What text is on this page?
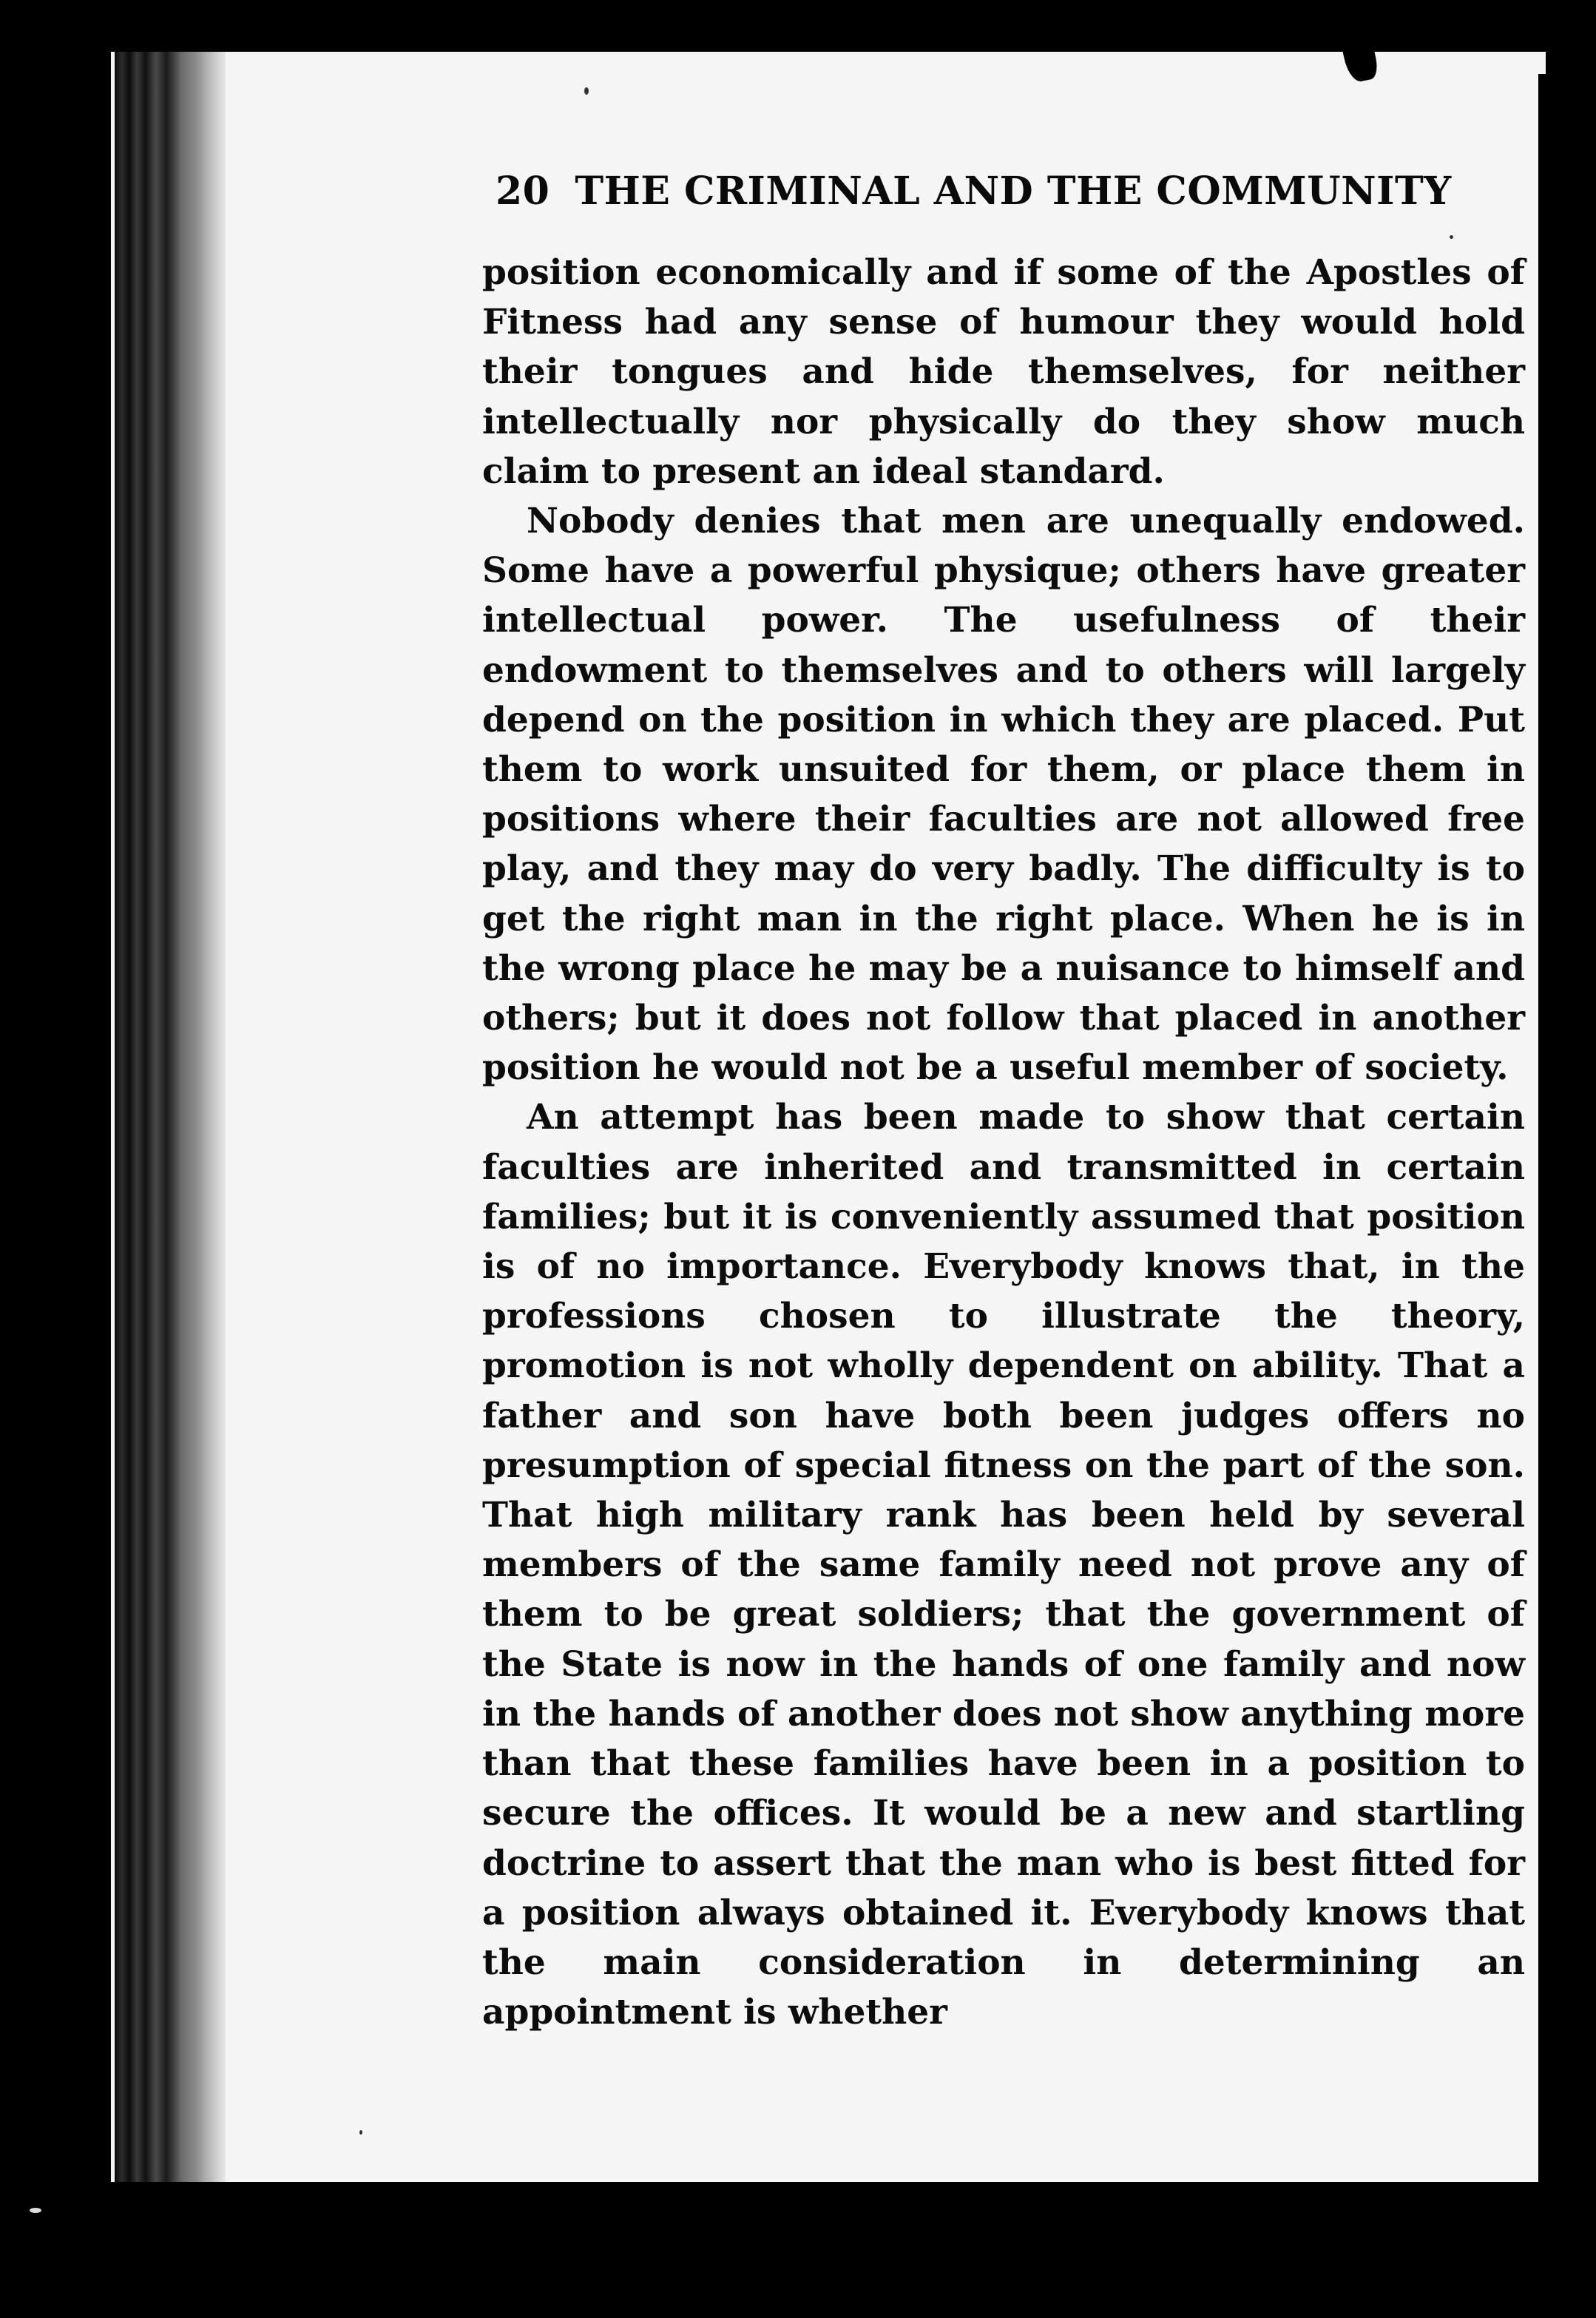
20 THE CRIMINAL AND THE COMMUNITY

position economically and if some of the Apostles of Fitness had any sense of humour they would hold their tongues and hide themselves, for neither intellectually nor physically do they show much claim to present an ideal standard.

Nobody denies that men are unequally endowed. Some have a powerful physique; others have greater intellectual power. The usefulness of their endowment to themselves and to others will largely depend on the position in which they are placed. Put them to work unsuited for them, or place them in positions where their faculties are not allowed free play, and they may do very badly. The difficulty is to get the right man in the right place. When he is in the wrong place he may be a nuisance to himself and others; but it does not follow that placed in another position he would not be a useful member of society.

An attempt has been made to show that certain faculties are inherited and transmitted in certain families; but it is conveniently assumed that position is of no importance. Everybody knows that, in the professions chosen to illustrate the theory, promotion is not wholly dependent on ability. That a father and son have both been judges offers no presumption of special fitness on the part of the son. That high military rank has been held by several members of the same family need not prove any of them to be great soldiers; that the government of the State is now in the hands of one family and now in the hands of another does not show anything more than that these families have been in a position to secure the offices. It would be a new and startling doctrine to assert that the man who is best fitted for a position always obtained it. Everybody knows that the main consideration in determining an appointment is whether
